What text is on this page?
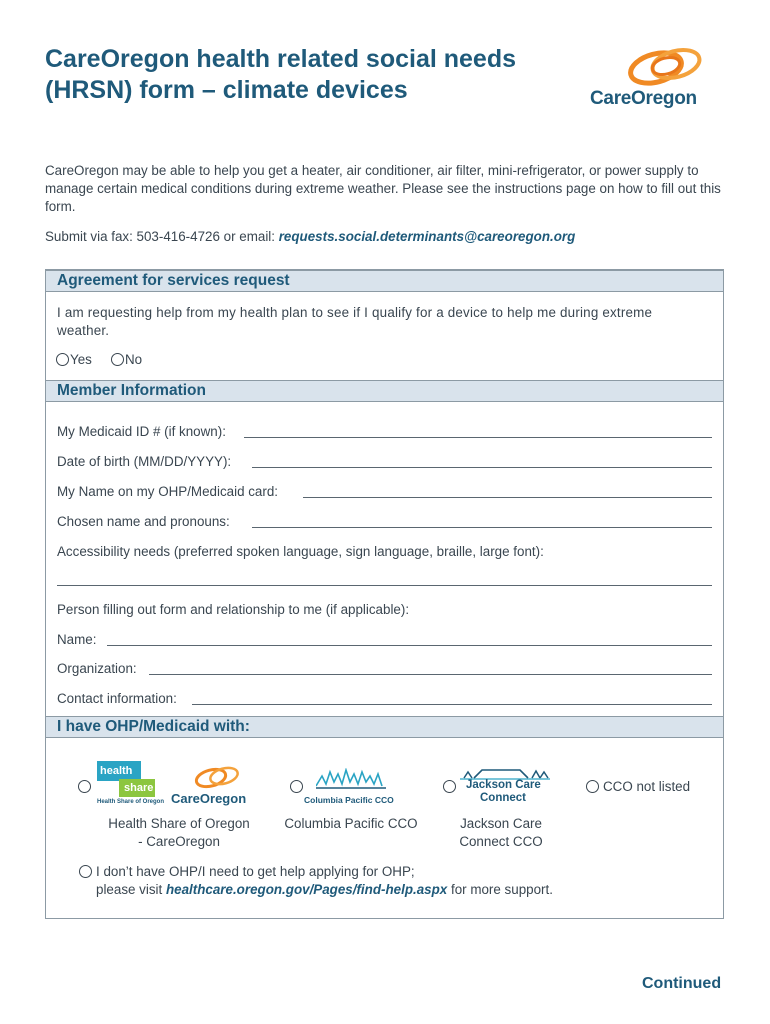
CareOregon health related social needs
(HRSN) form – climate devices	CareOregon
CareOregon may be able to help you get a heater, air conditioner, air filter, mini-refrigerator, or power supply to manage certain medical conditions during extreme weather. Please see the instructions page on how to fill out this form.
Submit via fax: 503-416-4726 or email: requests.social.determinants@careoregon.org
Agreement for services request
I am requesting help from my health plan to see if I qualify for a device to help me during extreme weather.
Yes No
Member Information
My Medicaid ID # (if known):
Date of birth (MM/DD/YYYY):
My Name on my OHP/Medicaid card:
Chosen name and pronouns:
Accessibility needs (preferred spoken language, sign language, braille, large font):
Person filling out form and relationship to me (if applicable):
Name:
Organization:
Contact information:
I have OHP/Medicaid with:
health
share
Health Share of Oregon CareOregon
Health Share of Oregon
- CareOregon
Columbia Pacific CCO
Columbia Pacific CCO
Jackson Care
Connect
Jackson Care
Connect CCO
CCO not listed
I don’t have OHP/I need to get help applying for OHP;
please visit healthcare.oregon.gov/Pages/find-help.aspx for more support.
Continued
